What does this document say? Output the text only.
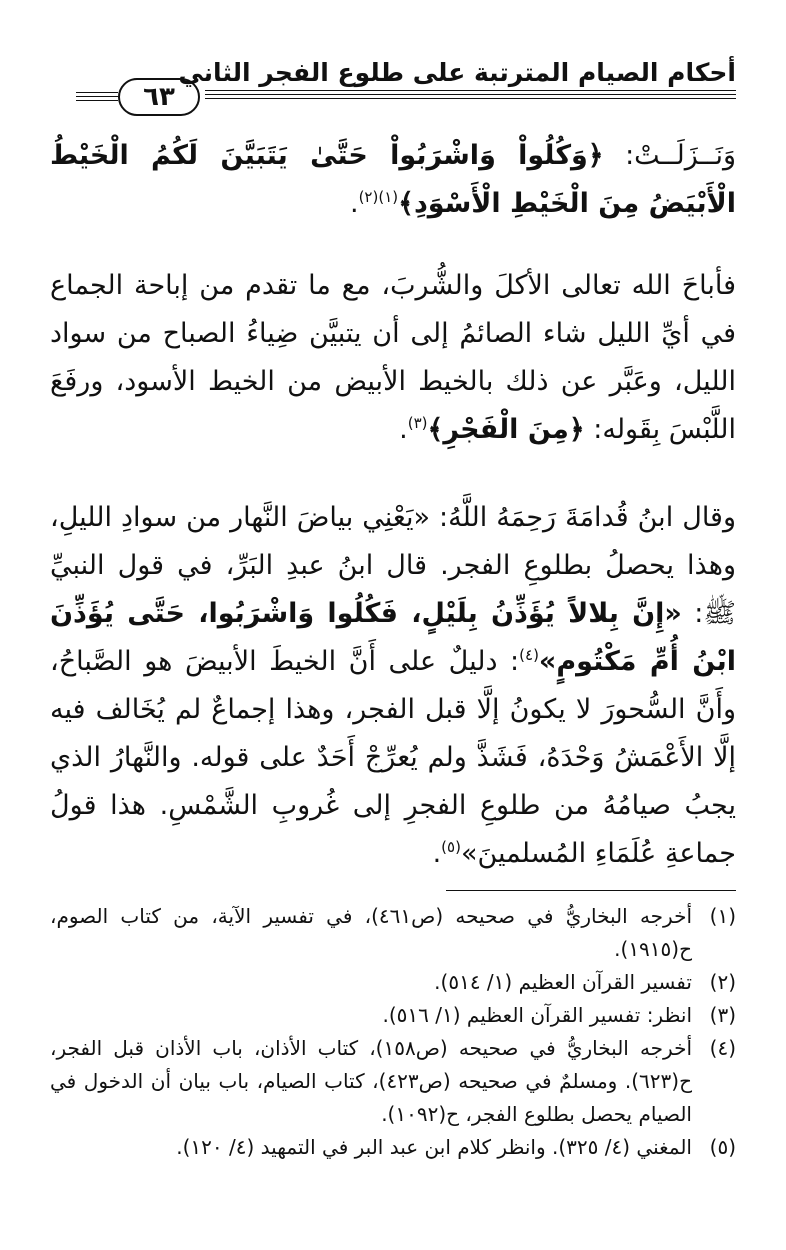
أحكام الصيام المترتبة على طلوع الفجر الثاني
٦٣
وَنَــزَلَــتْ: ﴿وَكُلُواْ وَاشْرَبُواْ حَتَّىٰ يَتَبَيَّنَ لَكُمُ الْخَيْطُ الْأَبْيَضُ مِنَ الْخَيْطِ الْأَسْوَدِ﴾$^{(١)(٢)}$.
فأباحَ الله تعالى الأكلَ والشُّربَ، مع ما تقدم من إباحة الجماع في أيِّ الليل شاء الصائمُ إلى أن يتبيَّن ضِياءُ الصباح من سواد الليل، وعَبَّر عن ذلك بالخيط الأبيض من الخيط الأسود، ورفَعَ اللَّبْسَ بِقَوله: ﴿مِنَ الْفَجْرِ﴾$^{(٣)}$.
وقال ابنُ قُدامَةَ رَحِمَهُ اللَّهُ: «يَعْنِي بياضَ النَّهار من سوادِ الليلِ، وهذا يحصلُ بطلوعِ الفجر. قال ابنُ عبدِ البَرِّ، في قول النبيِّ ﷺ: «إِنَّ بِلالاً يُؤَذِّنُ بِلَيْلٍ، فَكُلُوا وَاشْرَبُوا، حَتَّى يُؤَذِّنَ ابْنُ أُمِّ مَكْتُومٍ»$^{(٤)}$: دليلٌ على أَنَّ الخيطَ الأبيضَ هو الصَّباحُ، وأَنَّ السُّحورَ لا يكونُ إلَّا قبل الفجر، وهذا إجماعٌ لم يُخَالف فيه إلَّا الأَعْمَشُ وَحْدَهُ، فَشَذَّ ولم يُعرِّجْ أَحَدٌ على قوله. والنَّهارُ الذي يجبُ صيامُهُ من طلوعِ الفجرِ إلى غُروبِ الشَّمْسِ. هذا قولُ جماعةِ عُلَمَاءِ المُسلمينَ»$^{(٥)}$.
(١)
أخرجه البخاريُّ في صحيحه (ص٤٦١)، في تفسير الآية، من كتاب الصوم، ح(١٩١٥).
(٢)
تفسير القرآن العظيم (١/ ٥١٤).
(٣)
انظر: تفسير القرآن العظيم (١/ ٥١٦).
(٤)
أخرجه البخاريُّ في صحيحه (ص١٥٨)، كتاب الأذان، باب الأذان قبل الفجر، ح(٦٢٣). ومسلمٌ في صحيحه (ص٤٢٣)، كتاب الصيام، باب بيان أن الدخول في الصيام يحصل بطلوع الفجر، ح(١٠٩٢).
(٥)
المغني (٤/ ٣٢٥). وانظر كلام ابن عبد البر في التمهيد (٤/ ١٢٠).
